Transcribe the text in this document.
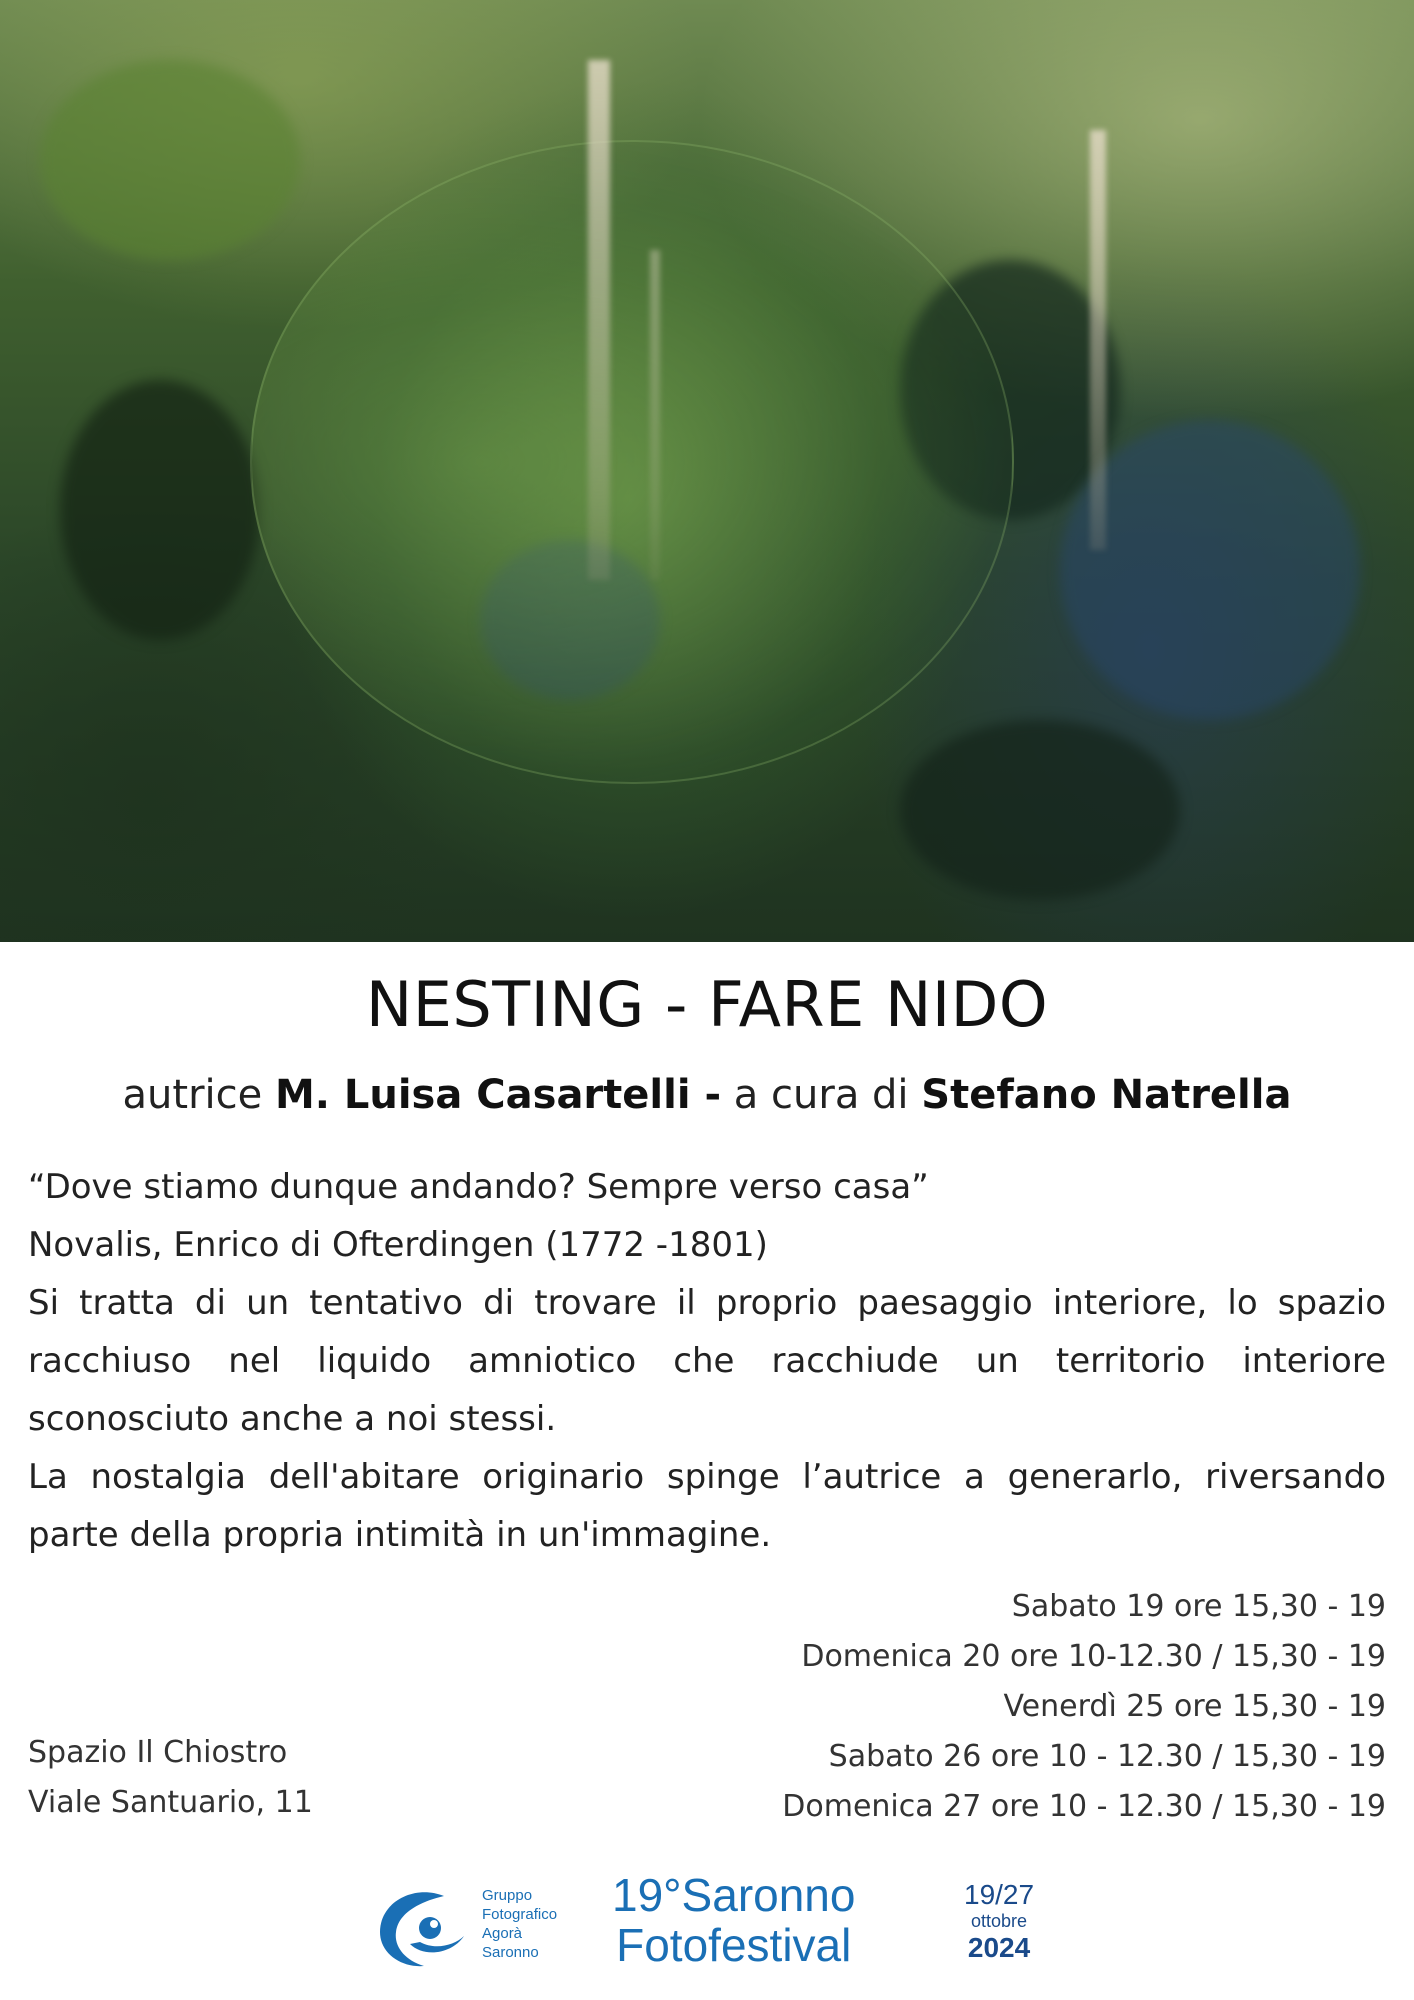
NESTING - FARE NIDO
autrice M. Luisa Casartelli - a cura di Stefano Natrella

“Dove stiamo dunque andando? Sempre verso casa”

Novalis, Enrico di Ofterdingen (1772 -1801)

Si tratta di un tentativo di trovare il proprio paesaggio interiore, lo spazio racchiuso nel liquido amniotico che racchiude un territorio interiore sconosciuto anche a noi stessi.

La nostalgia dell'abitare originario spinge l’autrice a generarlo, riversando parte della propria intimità in un'immagine.

Sabato 19 ore 15,30 - 19
Domenica 20 ore 10-12.30 / 15,30 - 19
Venerdì 25 ore 15,30 - 19
Sabato 26 ore 10 - 12.30 / 15,30 - 19
Domenica 27 ore 10 - 12.30 / 15,30 - 19
Spazio Il Chiostro
Viale Santuario, 11
Gruppo
Fotografico
Agorà
Saronno
19°Saronno
Fotofestival
19/27
ottobre
2024
